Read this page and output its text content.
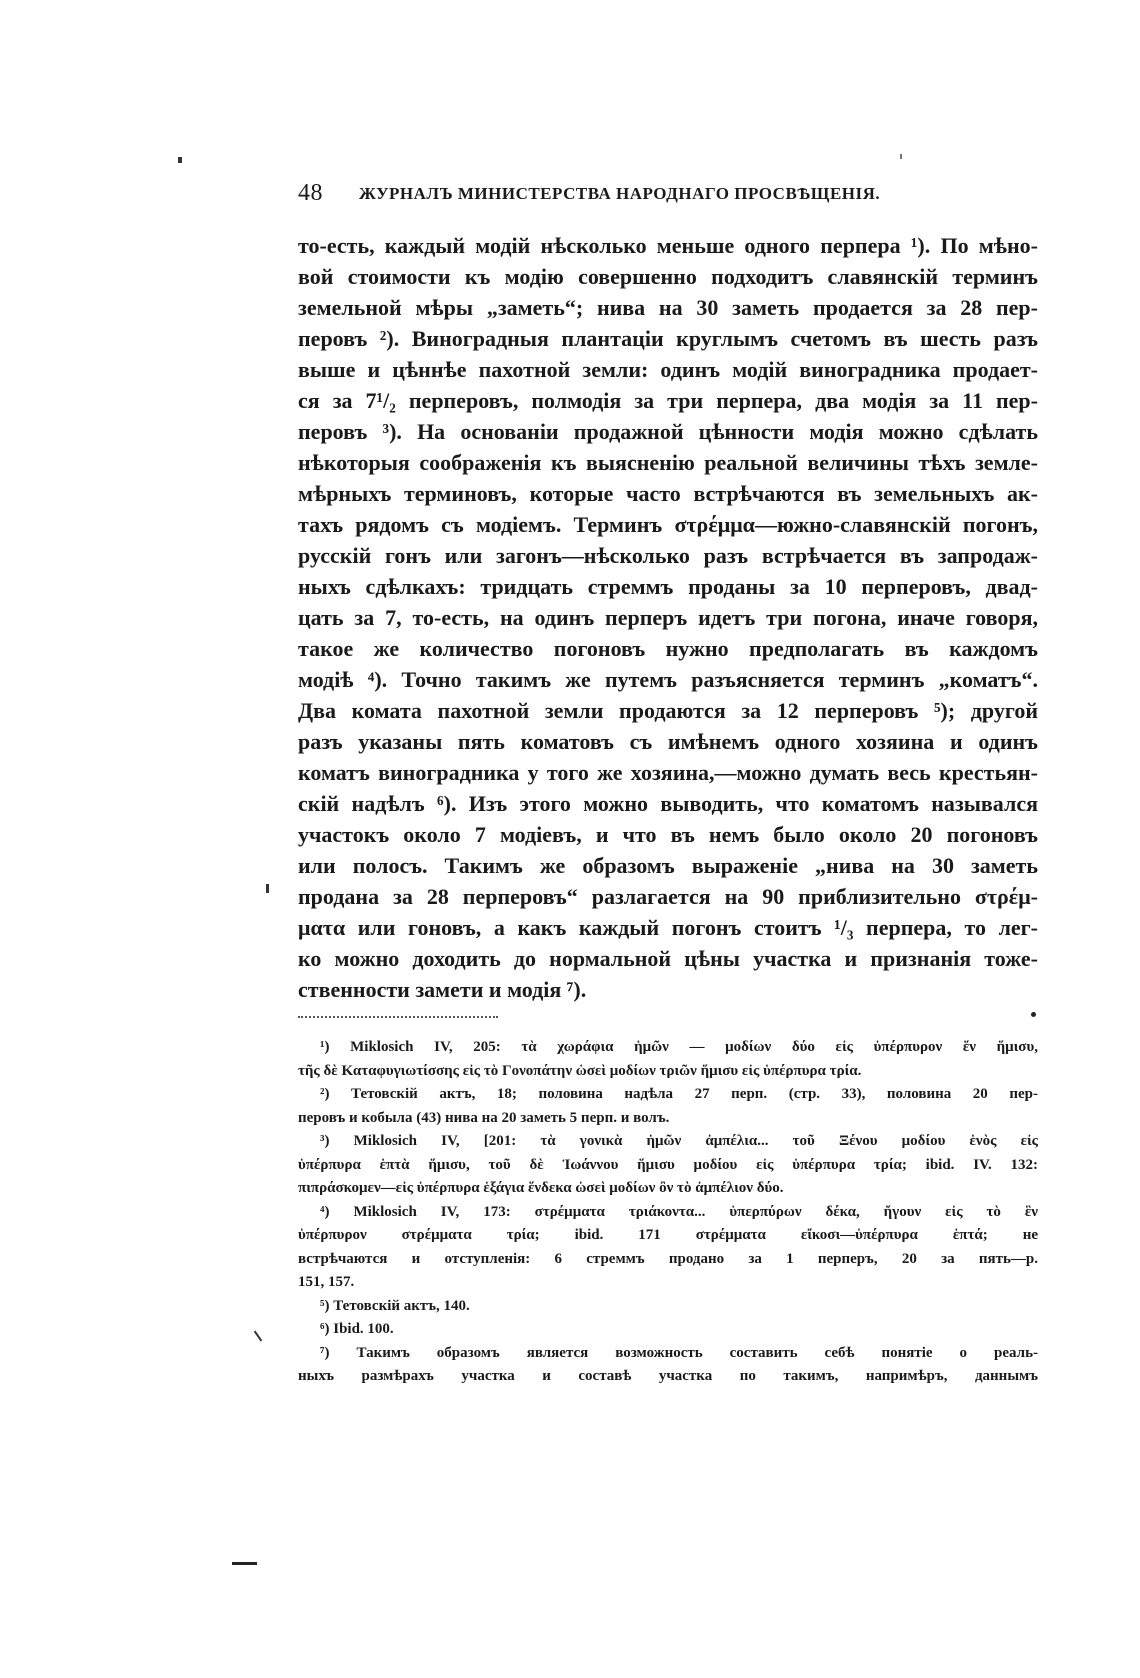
48 ЖУРНАЛЪ МИНИСТЕРСТВА НАРОДНАГО ПРОСВѢЩЕНІЯ.
то-есть, каждый модій нѣсколько меньше одного перпера ¹). По мѣно-
вой стоимости къ модію совершенно подходитъ славянскій терминъ
земельной мѣры „заметь“; нива на 30 заметь продается за 28 пер-
перовъ ²). Виноградныя плантаціи круглымъ счетомъ въ шесть разъ
выше и цѣннѣе пахотной земли: одинъ модій виноградника продает-
ся за 7¹/₂ перперовъ, полмодія за три перпера, два модія за 11 пер-
перовъ ³). На основаніи продажной цѣнности модія можно сдѣлать
нѣкоторыя соображенія къ выясненію реальной величины тѣхъ земле-
мѣрныхъ терминовъ, которые часто встрѣчаются въ земельныхъ ак-
тахъ рядомъ съ модіемъ. Терминъ στρέμμα—южно-славянскій погонъ,
русскій гонъ или загонъ—нѣсколько разъ встрѣчается въ запродаж-
ныхъ сдѣлкахъ: тридцать стреммъ проданы за 10 перперовъ, двад-
цать за 7, то-есть, на одинъ перперъ идетъ три погона, иначе говоря,
такое же количество погоновъ нужно предполагать въ каждомъ
модіѣ ⁴). Точно такимъ же путемъ разъясняется терминъ „коматъ“.
Два комата пахотной земли продаются за 12 перперовъ ⁵); другой
разъ указаны пять коматовъ съ имѣнемъ одного хозяина и одинъ
коматъ виноградника у того же хозяина,—можно думать весь крестьян-
скій надѣлъ ⁶). Изъ этого можно выводить, что коматомъ назывался
участокъ около 7 модіевъ, и что въ немъ было около 20 погоновъ
или полосъ. Такимъ же образомъ выраженіе „нива на 30 заметь
продана за 28 перперовъ“ разлагается на 90 приблизительно στρέμ-
ματα или гоновъ, а какъ каждый погонъ стоитъ ¹/₃ перпера, то лег-
ко можно доходить до нормальной цѣны участка и признанія тоже-
ственности замети и модія ⁷).
¹) Miklosich IV, 205: τὰ χωράφια ἡμῶν — μοδίων δύο εἰς ὑπέρπυρον ἕν ἥμισυ,
τῆς δὲ Καταφυγιωτίσσης εἰς τὸ Γονοπάτην ὡσεὶ μοδίων τριῶν ἥμισυ εἰς ὑπέρπυρα τρία.
²) Тетовскій актъ, 18; половина надѣла 27 перп. (стр. 33), половина 20 пер-
перовъ и кобыла (43) нива на 20 заметь 5 перп. и волъ.
³) Miklosich IV, [201: τὰ γονικὰ ἡμῶν ἀμπέλια... τοῦ Ξένου μοδίου ἑνὸς εἰς
ὑπέρπυρα ἑπτὰ ἥμισυ, τοῦ δὲ Ἰωάννου ἥμισυ μοδίου εἰς ὑπέρπυρα τρία; ibid. IV. 132:
πιπράσκομεν—εἰς ὑπέρπυρα ἑξάγια ἕνδεκα ὡσεὶ μοδίων ὂν τὸ ἀμπέλιον δύο.
⁴) Miklosich IV, 173: στρέμματα τριάκοντα... ὑπερπύρων δέκα, ἤγουν εἰς τὸ ἓν
ὑπέρπυρον στρέμματα τρία; ibid. 171 στρέμματα εἴκοσι—ὑπέρπυρα ἑπτά; не
встрѣчаются и отступленія: 6 стреммъ продано за 1 перперъ, 20 за пять—р.
151, 157.
⁵) Тетовскій актъ, 140.
⁶) Ibid. 100.
⁷) Такимъ образомъ является возможность составить себѣ понятіе о реаль-
ныхъ размѣрахъ участка и составѣ участка по такимъ, напримѣръ, даннымъ
